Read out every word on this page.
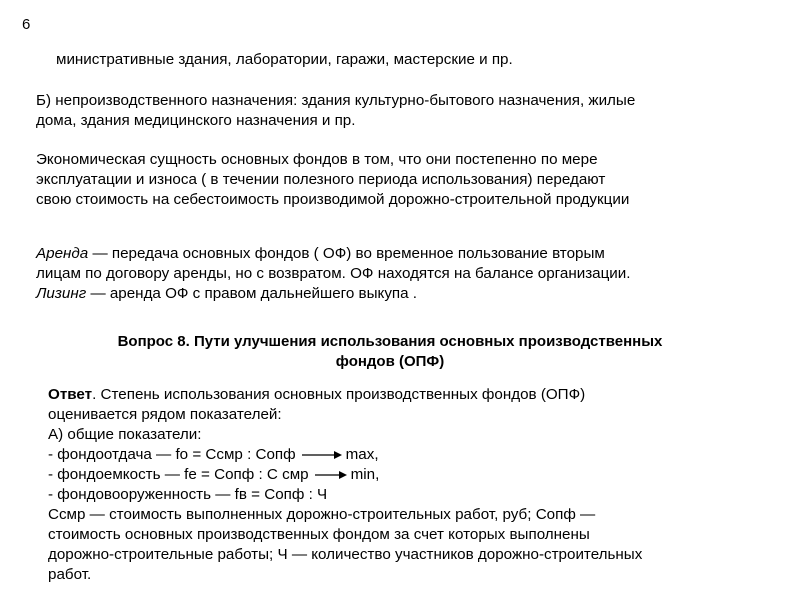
6
министративные здания, лаборатории, гаражи, мастерские и пр.
Б) непроизводственного назначения: здания культурно-бытового назначения, жилые
дома, здания медицинского назначения и пр.
Экономическая сущность основных фондов в том, что они постепенно по мере
эксплуатации и износа ( в течении полезного периода использования) передают
свою стоимость на себестоимость производимой дорожно-строительной продукции
Аренда — передача основных фондов ( ОФ) во временное пользование вторым
лицам по договору аренды, но с возвратом. ОФ находятся на балансе организации.
Лизинг — аренда ОФ с правом дальнейшего выкупа .
Вопрос 8. Пути улучшения использования основных производственных
фондов (ОПФ)
Ответ. Степень использования основных производственных фондов (ОПФ)
оценивается рядом показателей:
А) общие показатели:
- фондоотдача — fо = Ссмр : Сопф	max,
- фондоемкость — fе = Сопф : С смр	min,
- фондовооруженность — fв = Сопф : Ч
Ссмр — стоимость выполненных дорожно-строительных работ, руб; Сопф —
стоимость основных производственных фондом за счет которых выполнены
дорожно-строительные работы; Ч — количество участников дорожно-строительных
работ.
